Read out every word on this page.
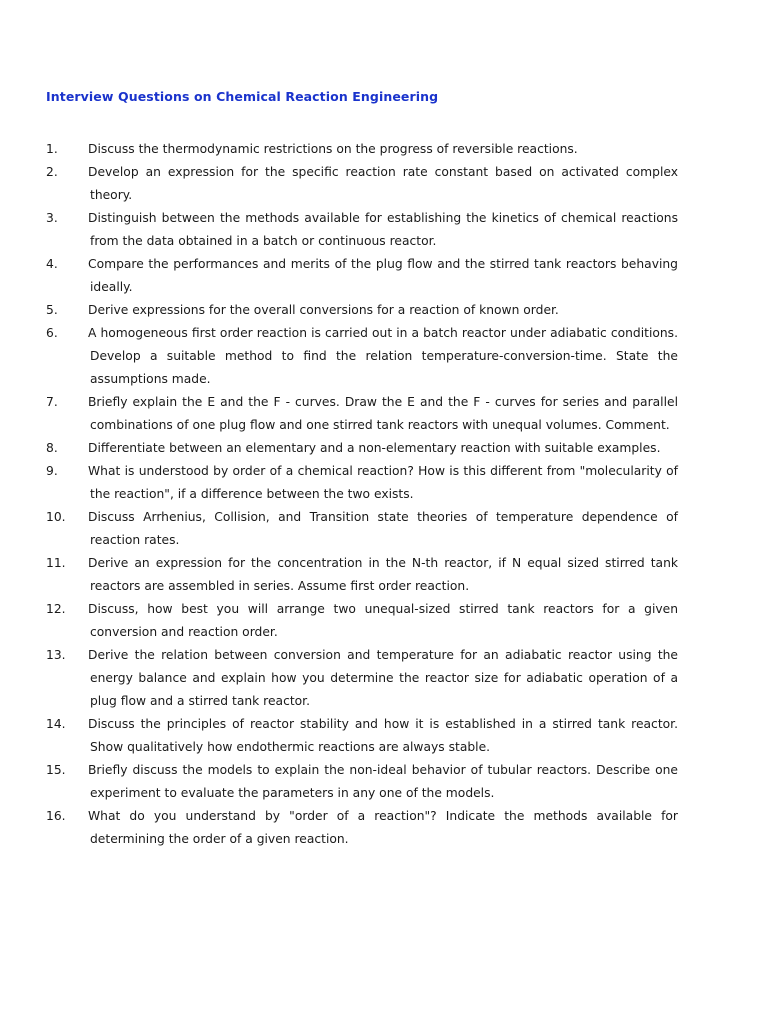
Interview Questions on Chemical Reaction Engineering
1.	Discuss the thermodynamic restrictions on the progress of reversible reactions.
2.	Develop an expression for the specific reaction rate constant based on activated complex theory.
3.	Distinguish between the methods available for establishing the kinetics of chemical reactions from the data obtained in a batch or continuous reactor.
4.	Compare the performances and merits of the plug flow and the stirred tank reactors behaving ideally.
5.	Derive expressions for the overall conversions for a reaction of known order.
6.	A homogeneous first order reaction is carried out in a batch reactor under adiabatic conditions. Develop a suitable method to find the relation temperature-conversion-time. State the assumptions made.
7.	Briefly explain the E and the F - curves. Draw the E and the F - curves for series and parallel combinations of one plug flow and one stirred tank reactors with unequal volumes. Comment.
8.	Differentiate between an elementary and a non-elementary reaction with suitable examples.
9.	What is understood by order of a chemical reaction? How is this different from "molecularity of the reaction", if a difference between the two exists.
10.	Discuss Arrhenius, Collision, and Transition state theories of temperature dependence of reaction rates.
11.	Derive an expression for the concentration in the N-th reactor, if N equal sized stirred tank reactors are assembled in series. Assume first order reaction.
12.	Discuss, how best you will arrange two unequal-sized stirred tank reactors for a given conversion and reaction order.
13.	Derive the relation between conversion and temperature for an adiabatic reactor using the energy balance and explain how you determine the reactor size for adiabatic operation of a plug flow and a stirred tank reactor.
14.	Discuss the principles of reactor stability and how it is established in a stirred tank reactor. Show qualitatively how endothermic reactions are always stable.
15.	Briefly discuss the models to explain the non-ideal behavior of tubular reactors. Describe one experiment to evaluate the parameters in any one of the models.
16.	What do you understand by "order of a reaction"? Indicate the methods available for determining the order of a given reaction.
